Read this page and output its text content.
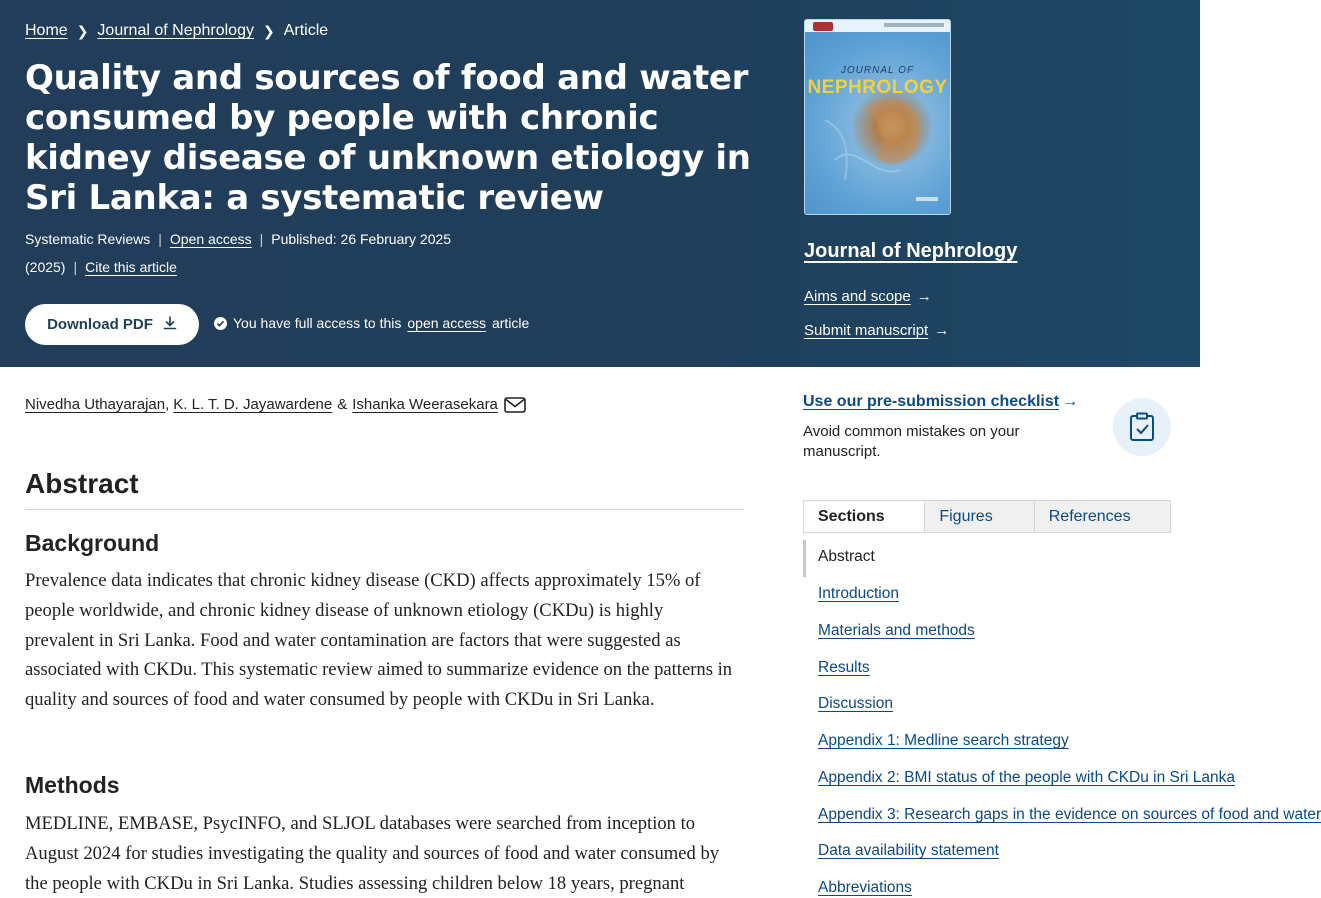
Home ❯ Journal of Nephrology ❯ Article
Quality and sources of food and water consumed by people with chronic kidney disease of unknown etiology in Sri Lanka: a systematic review
Systematic Reviews | Open access | Published: 26 February 2025
(2025) | Cite this article
Download PDF	You have full access to this open access article
JOURNAL OF
NEPHROLOGY
Journal of Nephrology
Aims and scope →
Submit manuscript →
Nivedha Uthayarajan , K. L. T. D. Jayawardene & Ishanka Weerasekara
Abstract
Background

Prevalence data indicates that chronic kidney disease (CKD) affects approximately 15% of people worldwide, and chronic kidney disease of unknown etiology (CKDu) is highly prevalent in Sri Lanka. Food and water contamination are factors that were suggested as associated with CKDu. This systematic review aimed to summarize evidence on the patterns in quality and sources of food and water consumed by people with CKDu in Sri Lanka.

Methods

MEDLINE, EMBASE, PsycINFO, and SLJOL databases were searched from inception to August 2024 for studies investigating the quality and sources of food and water consumed by the people with CKDu in Sri Lanka. Studies assessing children below 18 years, pregnant

Use our pre-submission checklist →

Avoid common mistakes on your manuscript.

Sections	Figures	References
Abstract
Introduction
Materials and methods
Results
Discussion
Appendix 1: Medline search strategy
Appendix 2: BMI status of the people with CKDu in Sri Lanka
Appendix 3: Research gaps in the evidence on sources of food and water
Data availability statement
Abbreviations
